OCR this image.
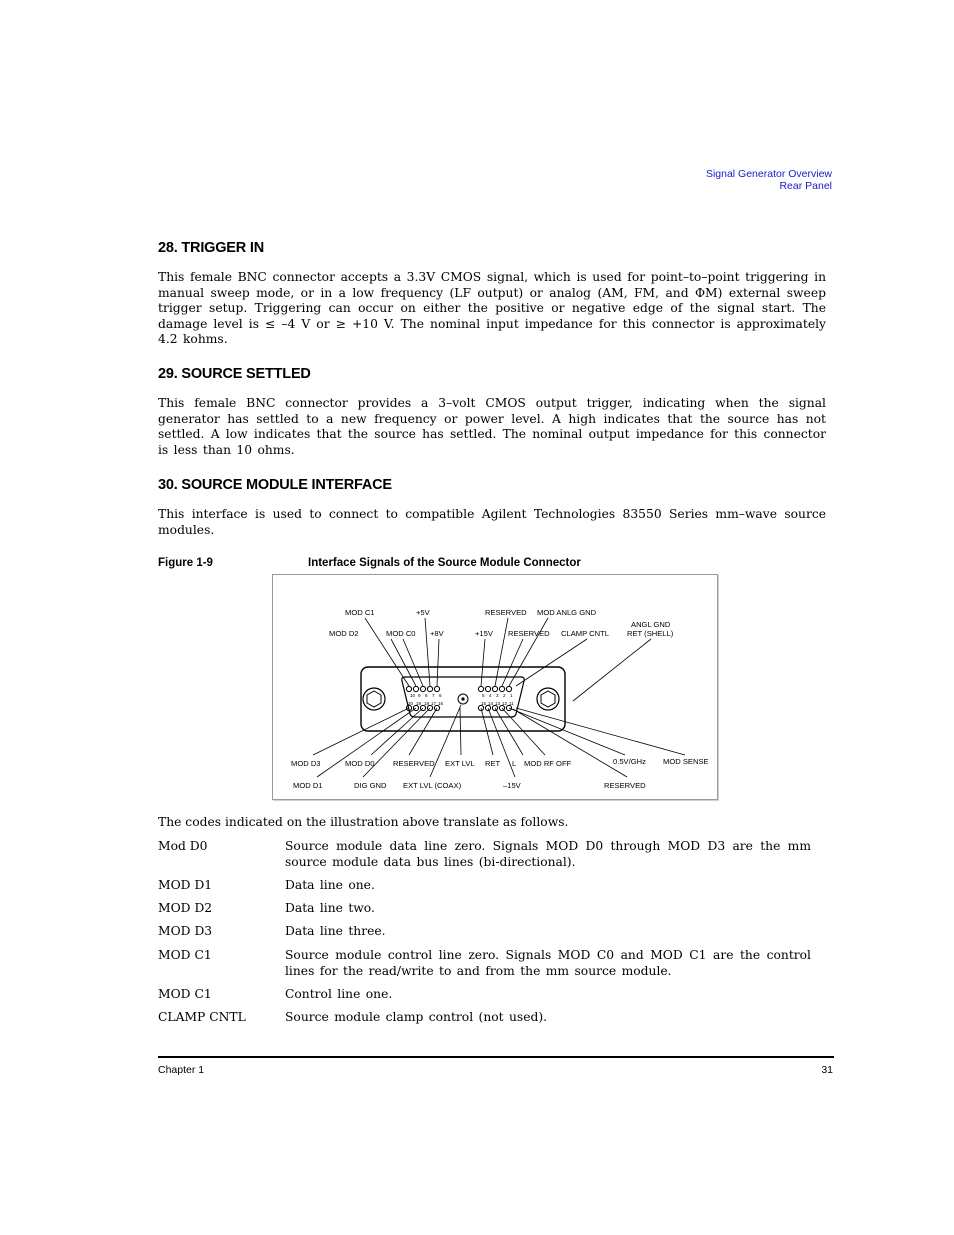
Signal Generator Overview
Rear Panel
28. TRIGGER IN

This female BNC connector accepts a 3.3V CMOS signal, which is used for point–to–point triggering in manual sweep mode, or in a low frequency (LF output) or analog (AM, FM, and ΦM) external sweep trigger setup. Triggering can occur on either the positive or negative edge of the signal start. The damage level is ≤ –4 V or ≥ +10 V. The nominal input impedance for this connector is approximately 4.2 kohms.

29. SOURCE SETTLED

This female BNC connector provides a 3–volt CMOS output trigger, indicating when the signal generator has settled to a new frequency or power level. A high indicates that the source has not settled. A low indicates that the source has settled. The nominal output impedance for this connector is less than 10 ohms.

30. SOURCE MODULE INTERFACE

This interface is used to connect to compatible Agilent Technologies 83550 Series mm–wave source modules.

Figure 1-9	Interface Signals of the Source Module Connector
10 9 8 7 6	5 4 3 2 1
20 19 18 17 16	15 14 13 12 11
MOD C1	+5V	RESERVED MOD ANLG GND
MOD D2	MOD C0 +8V	+15V RESERVED CLAMP CNTL
ANGL GND
RET (SHELL)
MOD D3	MOD D0 RESERVED EXT LVL RET L MOD RF OFF	0.5V/GHz MOD SENSE
MOD D1	DIG GND EXT LVL (COAX)	–15V	RESERVED
The codes indicated on the illustration above translate as follows.
Mod D0	Source module data line zero. Signals MOD D0 through MOD D3 are the mm source module data bus lines (bi-directional).
MOD D1	Data line one.
MOD D2	Data line two.
MOD D3	Data line three.
MOD C1	Source module control line zero. Signals MOD C0 and MOD C1 are the control lines for the read/write to and from the mm source module.
MOD C1	Control line one.
CLAMP CNTL	Source module clamp control (not used).
Chapter 1	31
